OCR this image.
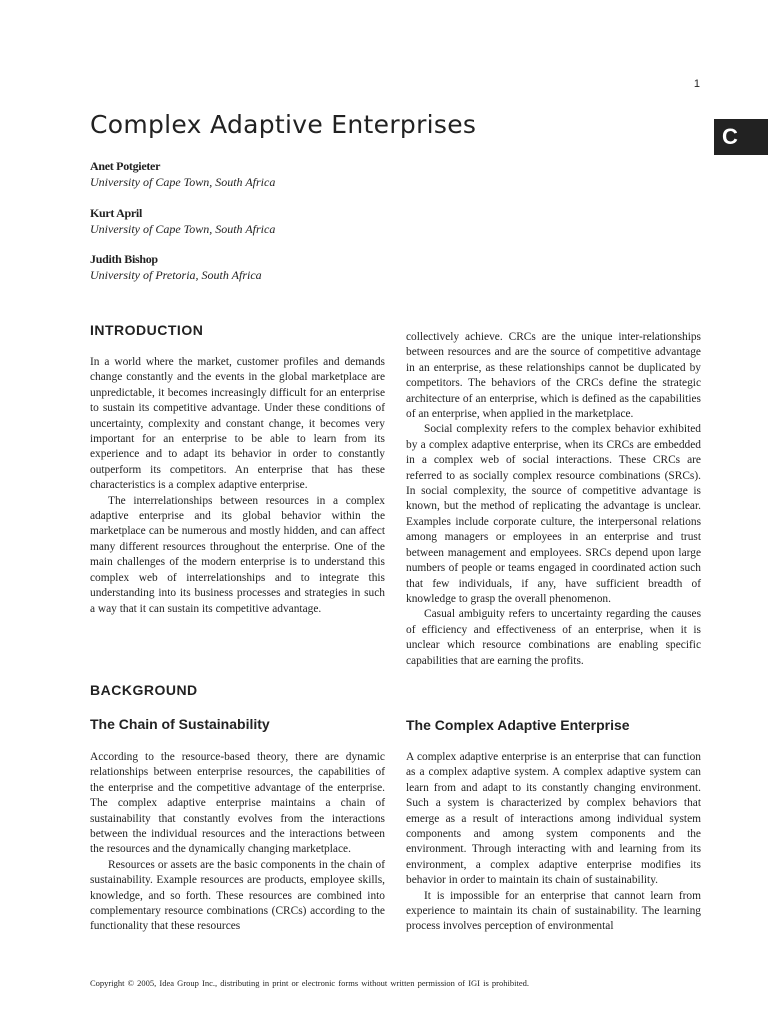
1
C
Complex Adaptive Enterprises
Anet Potgieter
University of Cape Town, South Africa
Kurt April
University of Cape Town, South Africa
Judith Bishop
University of Pretoria, South Africa
INTRODUCTION

In a world where the market, customer profiles and demands change constantly and the events in the global marketplace are unpredictable, it becomes increasingly difficult for an enterprise to sustain its competitive advantage. Under these conditions of uncertainty, complexity and constant change, it becomes very important for an enterprise to be able to learn from its experience and to adapt its behavior in order to constantly outperform its competitors. An enterprise that has these characteristics is a complex adaptive enterprise.

The interrelationships between resources in a complex adaptive enterprise and its global behavior within the marketplace can be numerous and mostly hidden, and can affect many different resources throughout the enterprise. One of the main challenges of the modern enterprise is to understand this complex web of interrelationships and to integrate this understanding into its business processes and strategies in such a way that it can sustain its competitive advantage.

BACKGROUND
The Chain of Sustainability

According to the resource-based theory, there are dynamic relationships between enterprise resources, the capabilities of the enterprise and the competitive advantage of the enterprise. The complex adaptive enterprise maintains a chain of sustainability that constantly evolves from the interactions between the individual resources and the interactions between the resources and the dynamically changing marketplace.

Resources or assets are the basic components in the chain of sustainability. Example resources are products, employee skills, knowledge, and so forth. These resources are combined into complementary resource combinations (CRCs) according to the functionality that these resources

collectively achieve. CRCs are the unique inter-relationships between resources and are the source of competitive advantage in an enterprise, as these relationships cannot be duplicated by competitors. The behaviors of the CRCs define the strategic architecture of an enterprise, which is defined as the capabilities of an enterprise, when applied in the marketplace.

Social complexity refers to the complex behavior exhibited by a complex adaptive enterprise, when its CRCs are embedded in a complex web of social interactions. These CRCs are referred to as socially complex resource combinations (SRCs). In social complexity, the source of competitive advantage is known, but the method of replicating the advantage is unclear. Examples include corporate culture, the interpersonal relations among managers or employees in an enterprise and trust between management and employees. SRCs depend upon large numbers of people or teams engaged in coordinated action such that few individuals, if any, have sufficient breadth of knowledge to grasp the overall phenomenon.

Casual ambiguity refers to uncertainty regarding the causes of efficiency and effectiveness of an enterprise, when it is unclear which resource combinations are enabling specific capabilities that are earning the profits.

The Complex Adaptive Enterprise

A complex adaptive enterprise is an enterprise that can function as a complex adaptive system. A complex adaptive system can learn from and adapt to its constantly changing environment. Such a system is characterized by complex behaviors that emerge as a result of interactions among individual system components and among system components and the environment. Through interacting with and learning from its environment, a complex adaptive enterprise modifies its behavior in order to maintain its chain of sustainability.

It is impossible for an enterprise that cannot learn from experience to maintain its chain of sustainability. The learning process involves perception of environmental

Copyright © 2005, Idea Group Inc., distributing in print or electronic forms without written permission of IGI is prohibited.
